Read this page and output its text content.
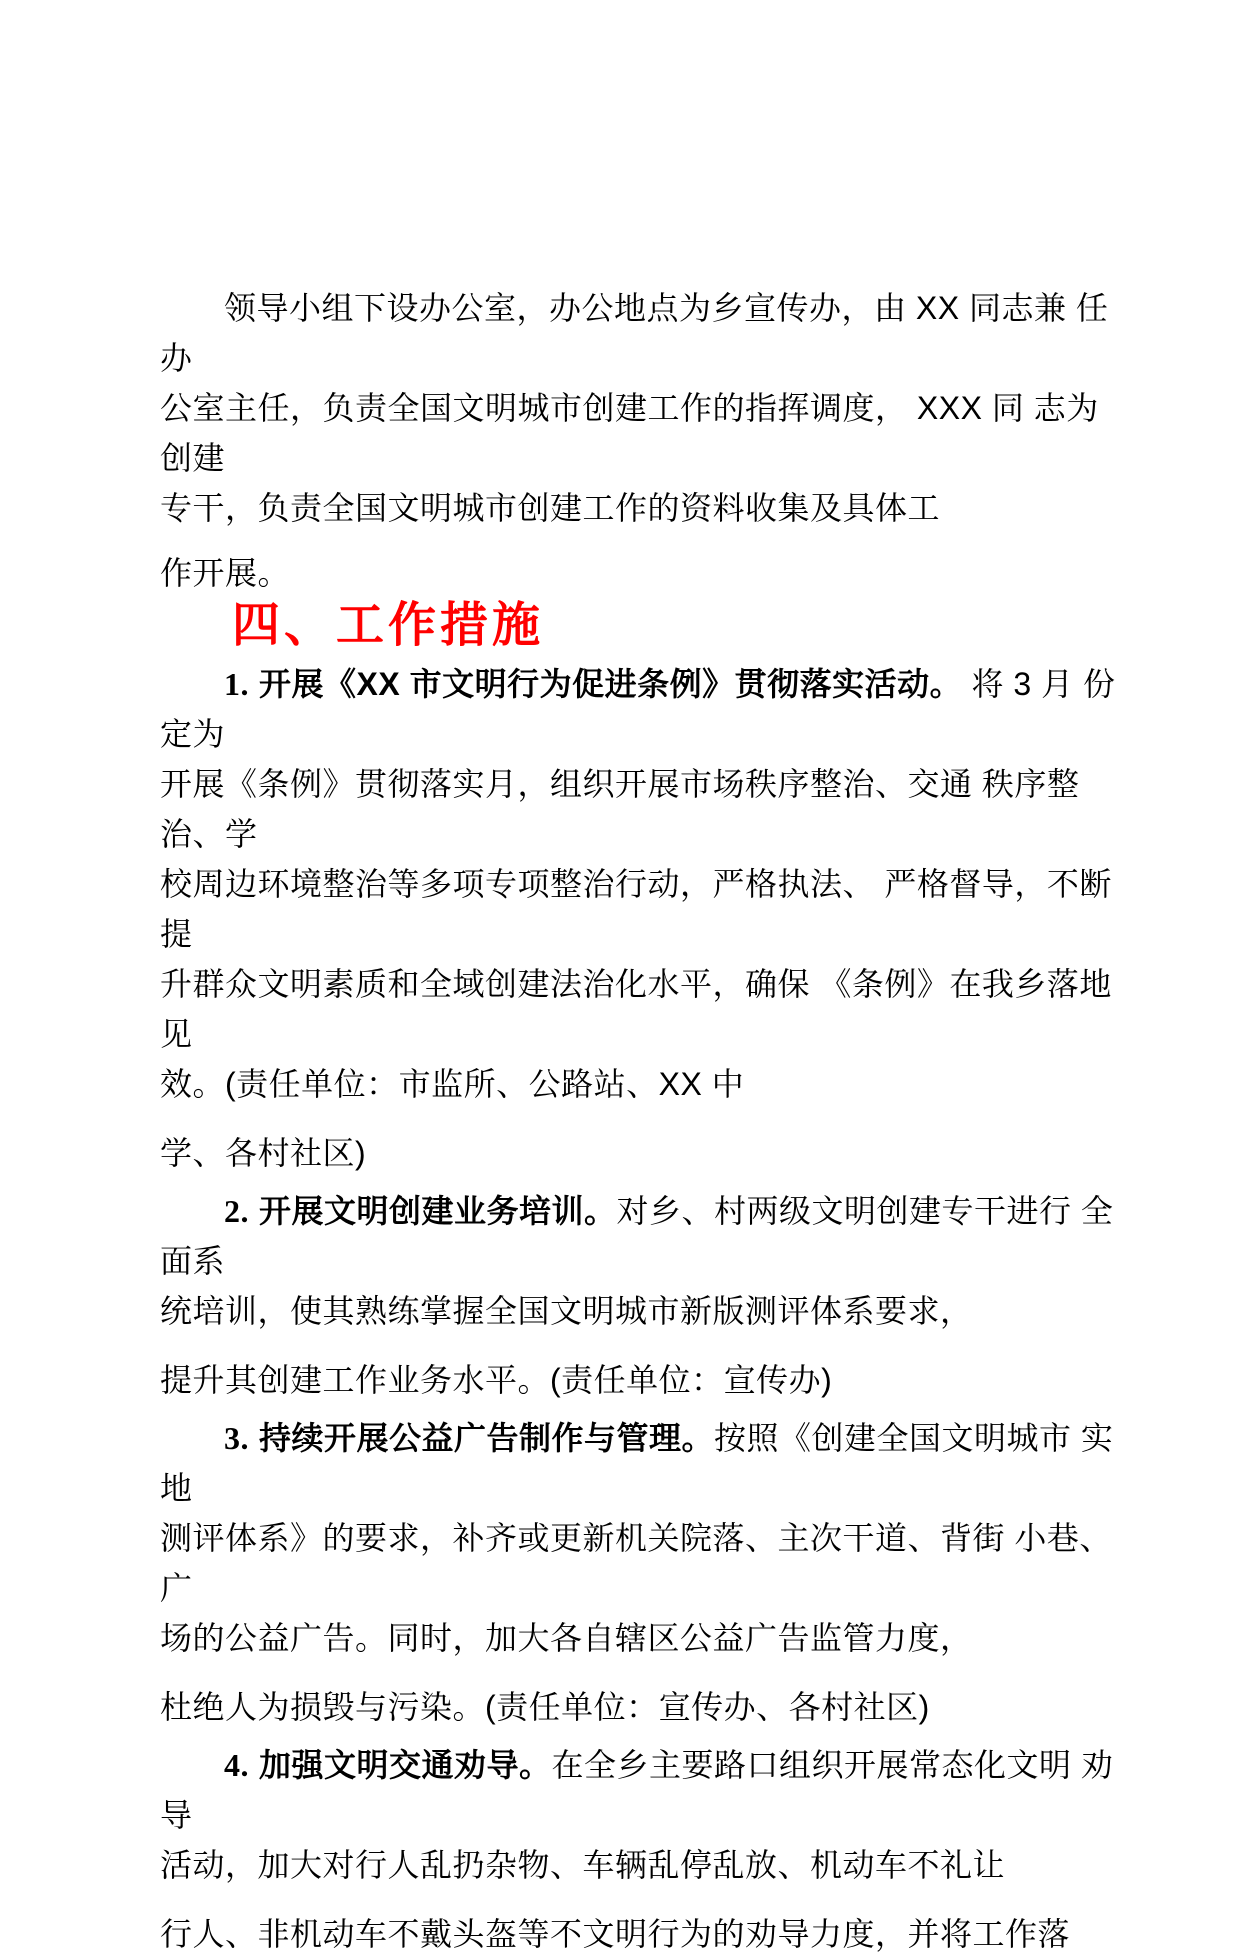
领导小组下设办公室，办公地点为乡宣传办，由 XX 同志兼 任办

公室主任，负责全国文明城市创建工作的指挥调度， XXX 同 志为创建

专干，负责全国文明城市创建工作的资料收集及具体工

作开展。

四、工作措施

1. 开展《XX 市文明行为促进条例》贯彻落实活动。 将 3 月 份定为

开展《条例》贯彻落实月，组织开展市场秩序整治、交通 秩序整治、学

校周边环境整治等多项专项整治行动，严格执法、 严格督导，不断提

升群众文明素质和全域创建法治化水平，确保 《条例》在我乡落地见

效。(责任单位：市监所、公路站、XX 中

学、各村社区)

2. 开展文明创建业务培训。对乡、村两级文明创建专干进行 全面系

统培训，使其熟练掌握全国文明城市新版测评体系要求，

提升其创建工作业务水平。(责任单位：宣传办)

3. 持续开展公益广告制作与管理。按照《创建全国文明城市 实地

测评体系》的要求，补齐或更新机关院落、主次干道、背街 小巷、广

场的公益广告。同时，加大各自辖区公益广告监管力度，

杜绝人为损毁与污染。(责任单位：宣传办、各村社区)

4. 加强文明交通劝导。在全乡主要路口组织开展常态化文明 劝导

活动，加大对行人乱扔杂物、车辆乱停乱放、机动车不礼让

行人、非机动车不戴头盔等不文明行为的劝导力度，并将工作落
